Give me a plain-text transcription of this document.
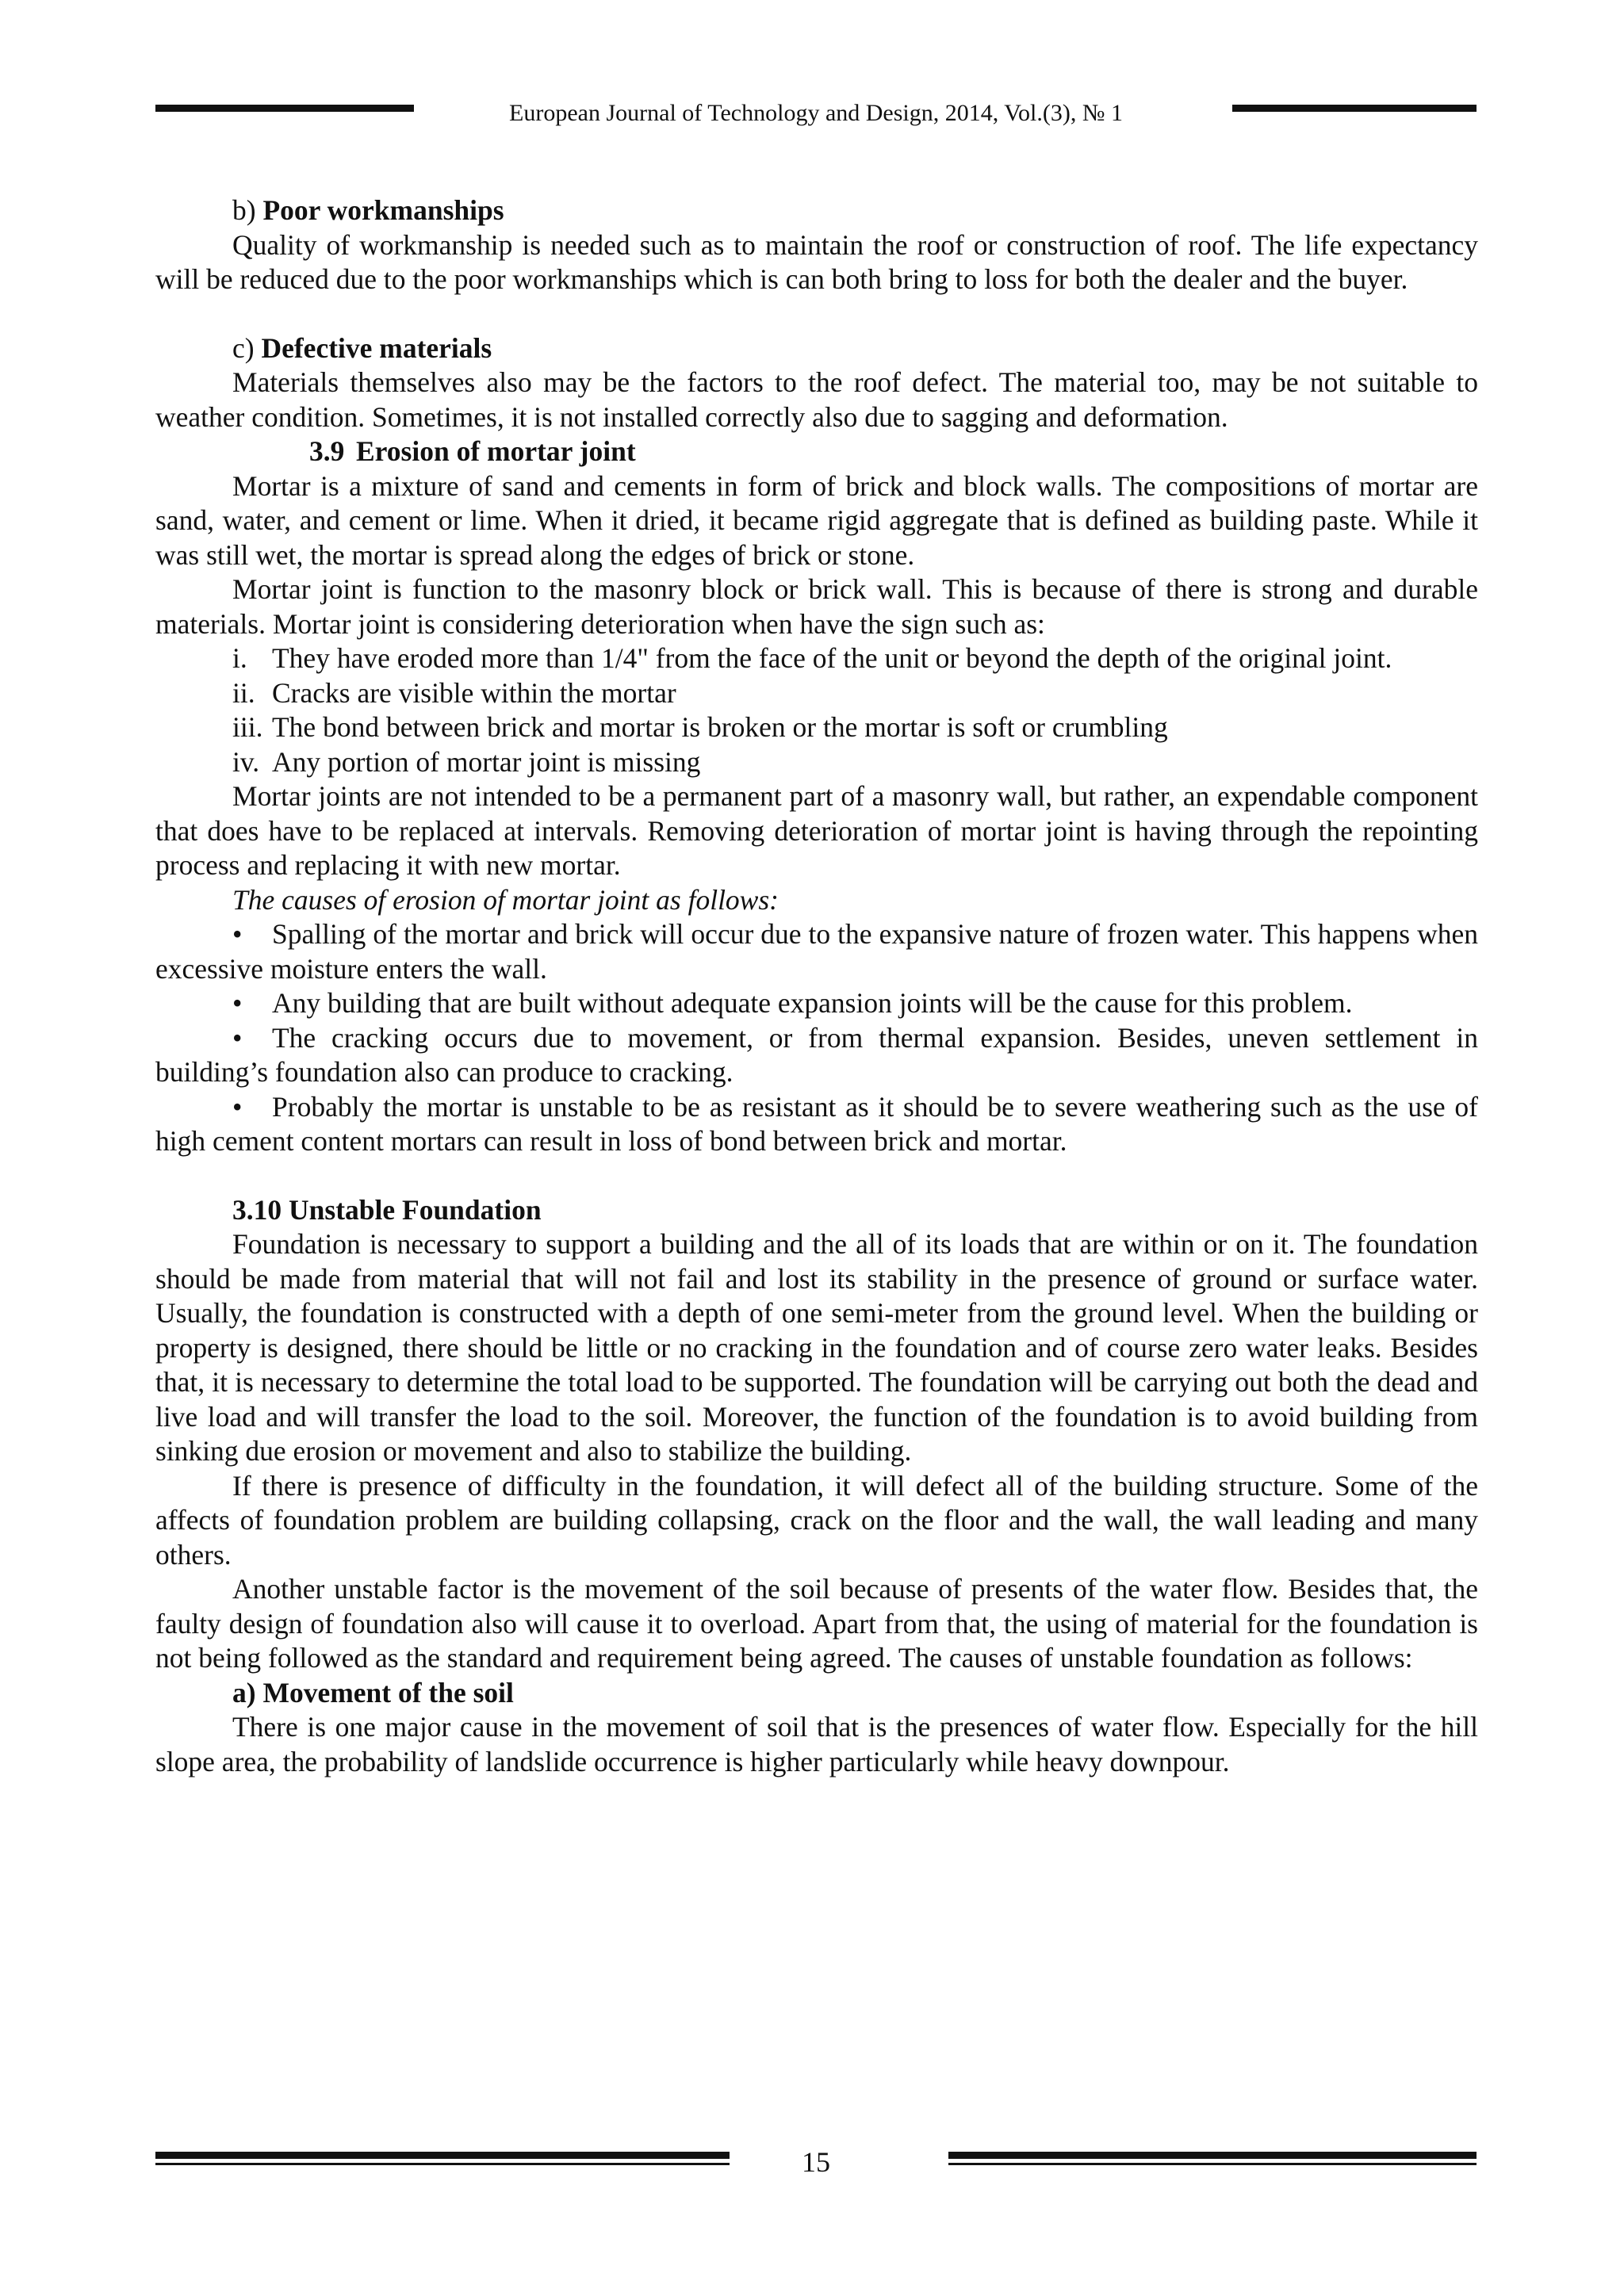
European Journal of Technology and Design, 2014, Vol.(3), № 1

b) Poor workmanships

Quality of workmanship is needed such as to maintain the roof or construction of roof. The life expectancy will be reduced due to the poor workmanships which is can both bring to loss for both the dealer and the buyer.

c) Defective materials

Materials themselves also may be the factors to the roof defect. The material too, may be not suitable to weather condition. Sometimes, it is not installed correctly also due to sagging and deformation.

3.9 Erosion of mortar joint

Mortar is a mixture of sand and cements in form of brick and block walls. The compositions of mortar are sand, water, and cement or lime. When it dried, it became rigid aggregate that is defined as building paste. While it was still wet, the mortar is spread along the edges of brick or stone.

Mortar joint is function to the masonry block or brick wall. This is because of there is strong and durable materials. Mortar joint is considering deterioration when have the sign such as:

i. They have eroded more than 1/4" from the face of the unit or beyond the depth of the original joint.

ii. Cracks are visible within the mortar

iii. The bond between brick and mortar is broken or the mortar is soft or crumbling

iv. Any portion of mortar joint is missing

Mortar joints are not intended to be a permanent part of a masonry wall, but rather, an expendable component that does have to be replaced at intervals. Removing deterioration of mortar joint is having through the repointing process and replacing it with new mortar.

The causes of erosion of mortar joint as follows:

• Spalling of the mortar and brick will occur due to the expansive nature of frozen water. This happens when excessive moisture enters the wall.

• Any building that are built without adequate expansion joints will be the cause for this problem.

• The cracking occurs due to movement, or from thermal expansion. Besides, uneven settlement in building’s foundation also can produce to cracking.

• Probably the mortar is unstable to be as resistant as it should be to severe weathering such as the use of high cement content mortars can result in loss of bond between brick and mortar.

3.10 Unstable Foundation

Foundation is necessary to support a building and the all of its loads that are within or on it. The foundation should be made from material that will not fail and lost its stability in the presence of ground or surface water. Usually, the foundation is constructed with a depth of one semi-meter from the ground level. When the building or property is designed, there should be little or no cracking in the foundation and of course zero water leaks. Besides that, it is necessary to determine the total load to be supported. The foundation will be carrying out both the dead and live load and will transfer the load to the soil. Moreover, the function of the foundation is to avoid building from sinking due erosion or movement and also to stabilize the building.

If there is presence of difficulty in the foundation, it will defect all of the building structure. Some of the affects of foundation problem are building collapsing, crack on the floor and the wall, the wall leading and many others.

Another unstable factor is the movement of the soil because of presents of the water flow. Besides that, the faulty design of foundation also will cause it to overload. Apart from that, the using of material for the foundation is not being followed as the standard and requirement being agreed. The causes of unstable foundation as follows:

a) Movement of the soil

There is one major cause in the movement of soil that is the presences of water flow. Especially for the hill slope area, the probability of landslide occurrence is higher particularly while heavy downpour.

15
